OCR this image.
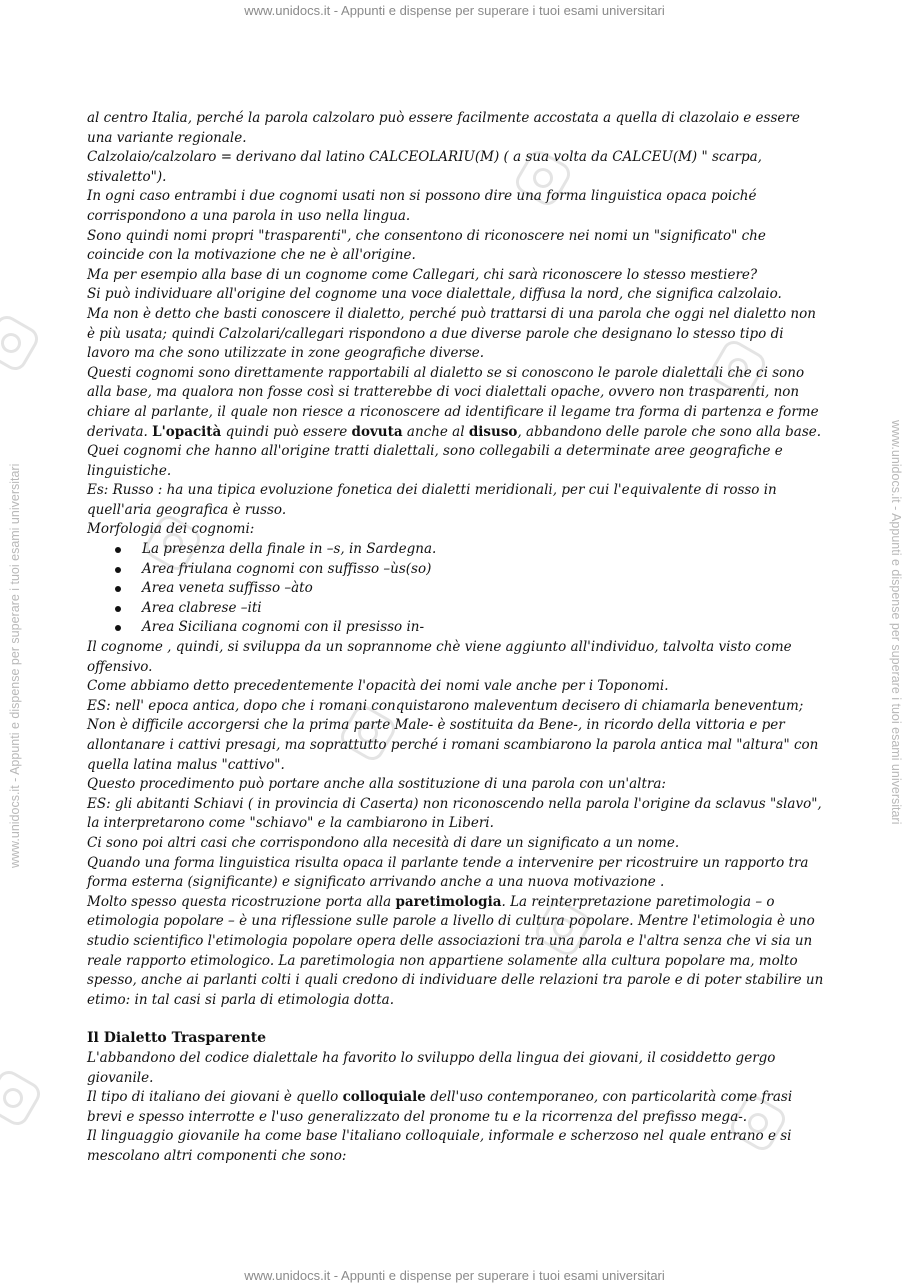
www.unidocs.it - Appunti e dispense per superare i tuoi esami universitari
www.unidocs.it - Appunti e dispense per superare i tuoi esami universitari	www.unidocs.it - Appunti e dispense per superare i tuoi esami universitari

al centro Italia, perché la parola calzolaro può essere facilmente accostata a quella di clazolaio e essere una variante regionale.

Calzolaio/calzolaro = derivano dal latino CALCEOLARIU(M) ( a sua volta da CALCEU(M) " scarpa, stivaletto").

In ogni caso entrambi i due cognomi usati non si possono dire una forma linguistica opaca poiché corrispondono a una parola in uso nella lingua.

Sono quindi nomi propri "trasparenti", che consentono di riconoscere nei nomi un "significato" che coincide con la motivazione che ne è all'origine.

Ma per esempio alla base di un cognome come Callegari, chi sarà riconoscere lo stesso mestiere?

Si può individuare all'origine del cognome una voce dialettale, diffusa la nord, che significa calzolaio.

Ma non è detto che basti conoscere il dialetto, perché può trattarsi di una parola che oggi nel dialetto non è più usata; quindi Calzolari/callegari rispondono a due diverse parole che designano lo stesso tipo di lavoro ma che sono utilizzate in zone geografiche diverse.

Questi cognomi sono direttamente rapportabili al dialetto se si conoscono le parole dialettali che ci sono alla base, ma qualora non fosse così si tratterebbe di voci dialettali opache, ovvero non trasparenti, non chiare al parlante, il quale non riesce a riconoscere ad identificare il legame tra forma di partenza e forme derivata. L'opacità quindi può essere dovuta anche al disuso, abbandono delle parole che sono alla base.

Quei cognomi che hanno all'origine tratti dialettali, sono collegabili a determinate aree geografiche e linguistiche.

Es: Russo : ha una tipica evoluzione fonetica dei dialetti meridionali, per cui l'equivalente di rosso in quell'aria geografica è russo.

Morfologia dei cognomi:

La presenza della finale in –s, in Sardegna.
Area friulana cognomi con suffisso –ùs(so)
Area veneta suffisso –àto
Area clabrese –iti
Area Siciliana cognomi con il presisso in-

Il cognome , quindi, si sviluppa da un soprannome chè viene aggiunto all'individuo, talvolta visto come offensivo.

Come abbiamo detto precedentemente l'opacità dei nomi vale anche per i Toponomi.

ES: nell' epoca antica, dopo che i romani conquistarono maleventum decisero di chiamarla beneventum; Non è difficile accorgersi che la prima parte Male- è sostituita da Bene-, in ricordo della vittoria e per allontanare i cattivi presagi, ma soprattutto perché i romani scambiarono la parola antica mal "altura" con quella latina malus "cattivo".

Questo procedimento può portare anche alla sostituzione di una parola con un'altra:

ES: gli abitanti Schiavi ( in provincia di Caserta) non riconoscendo nella parola l'origine da sclavus "slavo", la interpretarono come "schiavo" e la cambiarono in Liberi.

Ci sono poi altri casi che corrispondono alla necesità di dare un significato a un nome.

Quando una forma linguistica risulta opaca il parlante tende a intervenire per ricostruire un rapporto tra forma esterna (significante) e significato arrivando anche a una nuova motivazione .

Molto spesso questa ricostruzione porta alla paretimologia. La reinterpretazione paretimologia – o etimologia popolare – è una riflessione sulle parole a livello di cultura popolare. Mentre l'etimologia è uno studio scientifico l'etimologia popolare opera delle associazioni tra una parola e l'altra senza che vi sia un reale rapporto etimologico. La paretimologia non appartiene solamente alla cultura popolare ma, molto spesso, anche ai parlanti colti i quali credono di individuare delle relazioni tra parole e di poter stabilire un etimo: in tal casi si parla di etimologia dotta.

Il Dialetto Trasparente

L'abbandono del codice dialettale ha favorito lo sviluppo della lingua dei giovani, il cosiddetto gergo giovanile.

Il tipo di italiano dei giovani è quello colloquiale dell'uso contemporaneo, con particolarità come frasi brevi e spesso interrotte e l'uso generalizzato del pronome tu e la ricorrenza del prefisso mega-.

Il linguaggio giovanile ha come base l'italiano colloquiale, informale e scherzoso nel quale entrano e si mescolano altri componenti che sono:

www.unidocs.it - Appunti e dispense per superare i tuoi esami universitari
